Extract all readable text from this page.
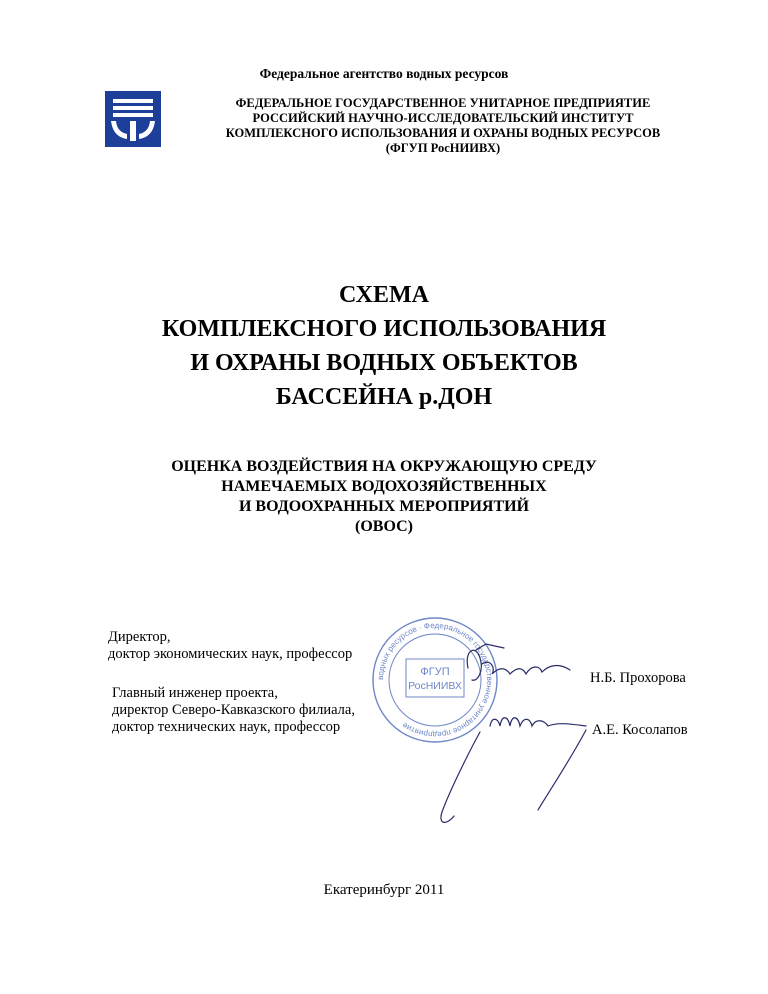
Федеральное агентство водных ресурсов
ФЕДЕРАЛЬНОЕ ГОСУДАРСТВЕННОЕ УНИТАРНОЕ ПРЕДПРИЯТИЕ
РОССИЙСКИЙ НАУЧНО-ИССЛЕДОВАТЕЛЬСКИЙ ИНСТИТУТ
КОМПЛЕКСНОГО ИСПОЛЬЗОВАНИЯ И ОХРАНЫ ВОДНЫХ РЕСУРСОВ
(ФГУП РосНИИВХ)
СХЕМА
КОМПЛЕКСНОГО ИСПОЛЬЗОВАНИЯ
И ОХРАНЫ ВОДНЫХ ОБЪЕКТОВ
БАССЕЙНА р.ДОН
ОЦЕНКА ВОЗДЕЙСТВИЯ НА ОКРУЖАЮЩУЮ СРЕДУ
НАМЕЧАЕМЫХ ВОДОХОЗЯЙСТВЕННЫХ
И ВОДООХРАННЫХ МЕРОПРИЯТИЙ
(ОВОС)
водных ресурсов · Федеральное государственное унитарное предприятие
ФГУП
РосНИИВХ
Директор,
доктор экономических наук, профессор
Н.Б. Прохорова
Главный инженер проекта,
директор Северо-Кавказского филиала,
доктор технических наук, профессор	А.Е. Косолапов
Екатеринбург 2011
